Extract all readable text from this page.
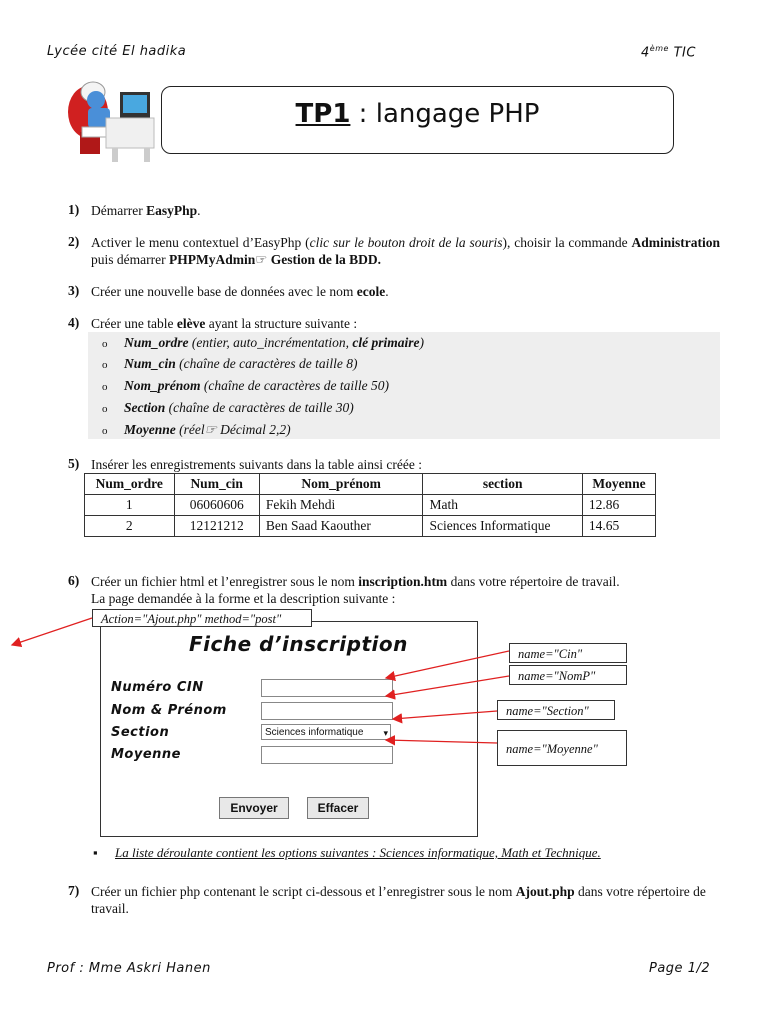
Lycée cité El hadika	4ème TIC
TP1 : langage PHP
1) Démarrer EasyPhp.
2) Activer le menu contextuel d’EasyPhp (clic sur le bouton droit de la souris), choisir la commande Administration puis démarrer PHPMyAdmin☞ Gestion de la BDD.
3) Créer une nouvelle base de données avec le nom ecole.
4) Créer une table elève ayant la structure suivante :
o Num_ordre (entier, auto_incrémentation, clé primaire)
o Num_cin (chaîne de caractères de taille 8)
o Nom_prénom (chaîne de caractères de taille 50)
o Section (chaîne de caractères de taille 30)
o Moyenne (réel☞ Décimal 2,2)
5) Insérer les enregistrements suivants dans la table ainsi créée :
Num_ordre	Num_cin	Nom_prénom	section	Moyenne
1	06060606	Fekih Mehdi	Math	12.86
2	12121212	Ben Saad Kaouther	Sciences Informatique	14.65
6) Créer un fichier html et l’enregistrer sous le nom inscription.htm dans votre répertoire de travail.
La page demandée à la forme et la description suivante :
Fiche d’inscription
Numéro CIN
Nom & Prénom
Section
Moyenne
Sciences informatique ▾
Envoyer	Effacer
Action="Ajout.php" method="post"
name="Cin"
name="NomP"
name="Section"
name="Moyenne"
▪ La liste déroulante contient les options suivantes : Sciences informatique, Math et Technique.
7) Créer un fichier php contenant le script ci-dessous et l’enregistrer sous le nom Ajout.php dans votre répertoire de travail.
Prof : Mme Askri Hanen	Page 1/2
